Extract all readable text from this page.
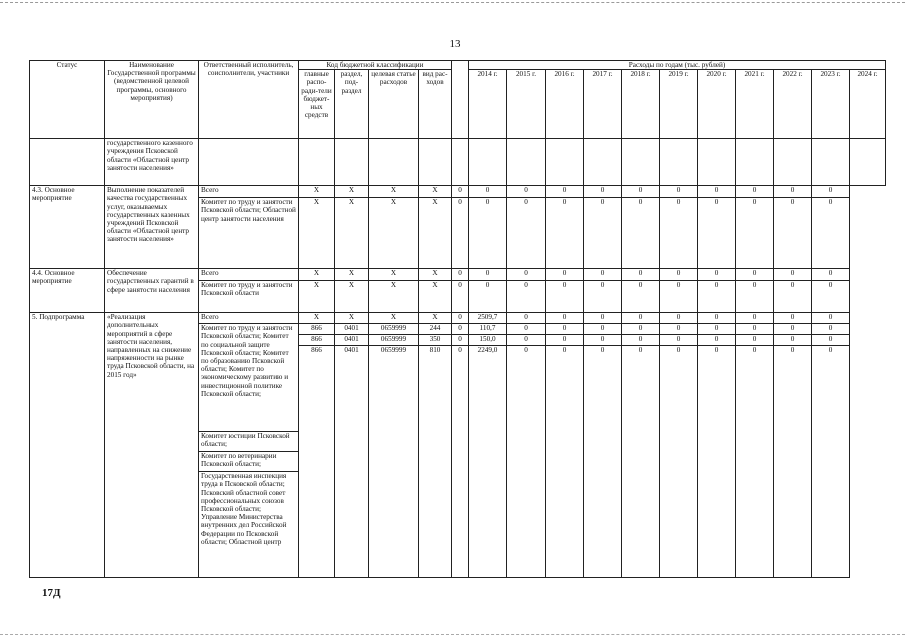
13
Статус	Наименование Государственной программы (ведомственной целевой программы, основного мероприятия)	Ответственный исполнитель, соисполнители, участники	Код бюджетной классификации					Расходы по годам (тыс. рублей)										
			главные распо-ради-тели бюджет-ных средств	раздел, под-раздел	целевая статье расходов	вид рас-ходов		2014 г.	2015 г.	2016 г.	2017 г.	2018 г.	2019 г.	2020 г.	2021 г.	2022 г.	2023 г.	2024 г.
	государственного казенного учреждения Псковской области «Областной центр занятости населения»																	
4.3. Основное мероприятие	Выполнение показателей качества государственных услуг, оказываемых государственных казенных учреждений Псковской области «Областной центр занятости населения»	Всего	Х	Х	Х	Х	0	0	0	0	0	0	0	0	0	0	0	
		Комитет по труду и занятости Псковской области; Областной центр занятости населения	Х	Х	Х	Х	0	0	0	0	0	0	0	0	0	0	0	
4.4. Основное мероприятие	Обеспечение государственных гарантий в сфере занятости населения	Всего	Х	Х	Х	Х	0	0	0	0	0	0	0	0	0	0	0	
		Комитет по труду и занятости Псковской области	Х	Х	Х	Х	0	0	0	0	0	0	0	0	0	0	0	
5. Подпрограмма	«Реализация дополнительных мероприятий в сфере занятости населения, направленных на снижение напряженности на рынке труда Псковской области, на 2015 год»	Всего	Х	Х	Х	Х	0	2509,7	0	0	0	0	0	0	0	0	0	
		Комитет по труду и занятости Псковской области; Комитет по социальной защите Псковской области; Комитет по образованию Псковской области; Комитет по экономическому развитию и инвестиционной политике Псковской области;	866	0401	0659999	244	0	110,7	0	0	0	0	0	0	0	0	0	
			866	0401	0659999	350	0	150,0	0	0	0	0	0	0	0	0	0	
			866	0401	0659999	810	0	2249,0	0	0	0	0	0	0	0	0	0	
		Комитет юстиции Псковской области;																
		Комитет по ветеринарии Псковской области;																
		Государственная инспекция труда в Псковской области; Псковский областной совет профессиональных союзов Псковской области; Управление Министерства внутренних дел Российской Федерации по Псковской области; Областной центр																
17Д
